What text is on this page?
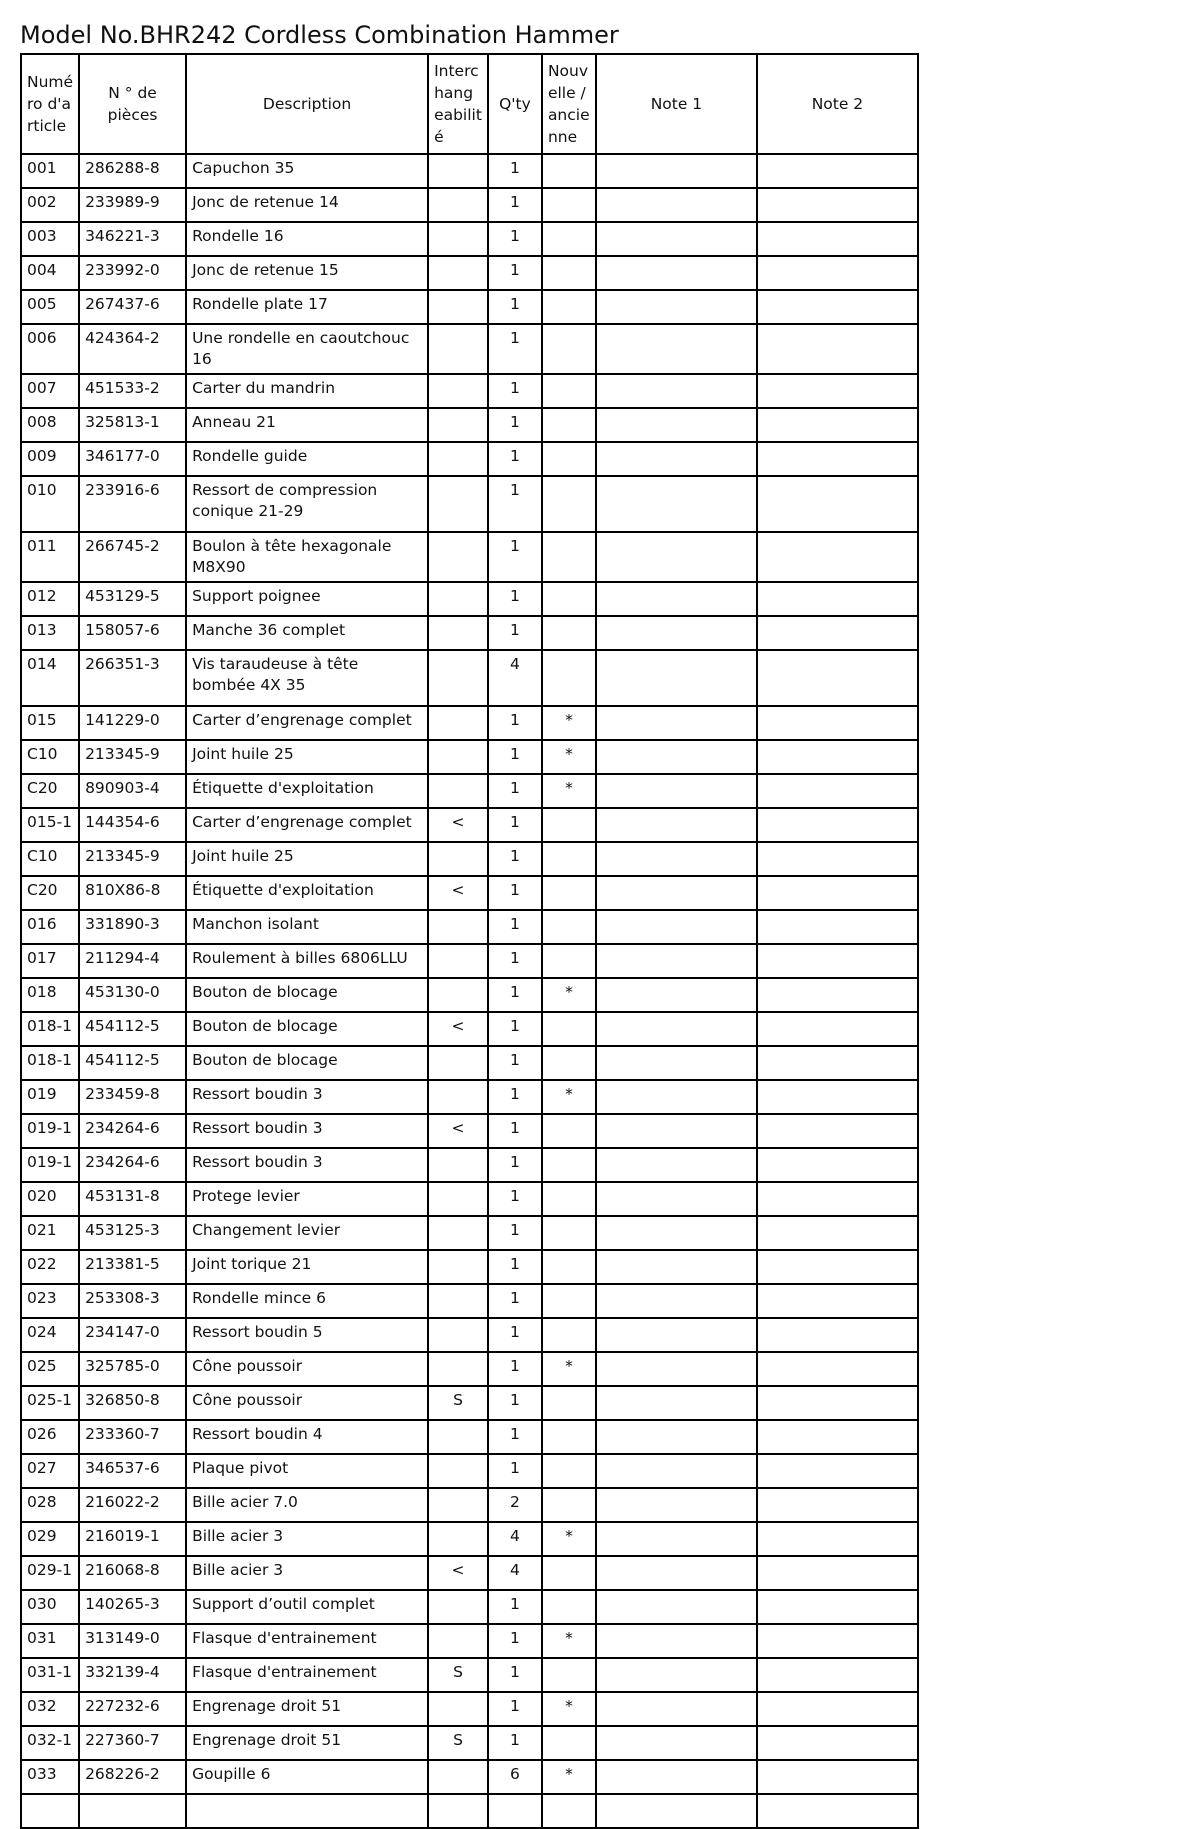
Model No.BHR242 Cordless Combination Hammer
Numé ro d'a rticle	N ° de pièces	Description	Interc hang eabilit é	Q'ty	Nouv elle / ancie nne	Note 1	Note 2
001	286288-8	Capuchon 35		1			
002	233989-9	Jonc de retenue 14		1			
003	346221-3	Rondelle 16		1			
004	233992-0	Jonc de retenue 15		1			
005	267437-6	Rondelle plate 17		1			
006	424364-2	Une rondelle en caoutchouc 16		1			
007	451533-2	Carter du mandrin		1			
008	325813-1	Anneau 21		1			
009	346177-0	Rondelle guide		1			
010	233916-6	Ressort de compression conique 21-29		1			
011	266745-2	Boulon à tête hexagonale M8X90		1			
012	453129-5	Support poignee		1			
013	158057-6	Manche 36 complet		1			
014	266351-3	Vis taraudeuse à tête bombée 4X 35		4			
015	141229-0	Carter d’engrenage complet		1	*		
C10	213345-9	Joint huile 25		1	*		
C20	890903-4	Étiquette d'exploitation		1	*		
015-1	144354-6	Carter d’engrenage complet	<	1			
C10	213345-9	Joint huile 25		1			
C20	810X86-8	Étiquette d'exploitation	<	1			
016	331890-3	Manchon isolant		1			
017	211294-4	Roulement à billes 6806LLU		1			
018	453130-0	Bouton de blocage		1	*		
018-1	454112-5	Bouton de blocage	<	1			
018-1	454112-5	Bouton de blocage		1			
019	233459-8	Ressort boudin 3		1	*		
019-1	234264-6	Ressort boudin 3	<	1			
019-1	234264-6	Ressort boudin 3		1			
020	453131-8	Protege levier		1			
021	453125-3	Changement levier		1			
022	213381-5	Joint torique 21		1			
023	253308-3	Rondelle mince 6		1			
024	234147-0	Ressort boudin 5		1			
025	325785-0	Cône poussoir		1	*		
025-1	326850-8	Cône poussoir	S	1			
026	233360-7	Ressort boudin 4		1			
027	346537-6	Plaque pivot		1			
028	216022-2	Bille acier 7.0		2			
029	216019-1	Bille acier 3		4	*		
029-1	216068-8	Bille acier 3	<	4			
030	140265-3	Support d’outil complet		1			
031	313149-0	Flasque d'entrainement		1	*		
031-1	332139-4	Flasque d'entrainement	S	1			
032	227232-6	Engrenage droit 51		1	*		
032-1	227360-7	Engrenage droit 51	S	1			
033	268226-2	Goupille 6		6	*		
